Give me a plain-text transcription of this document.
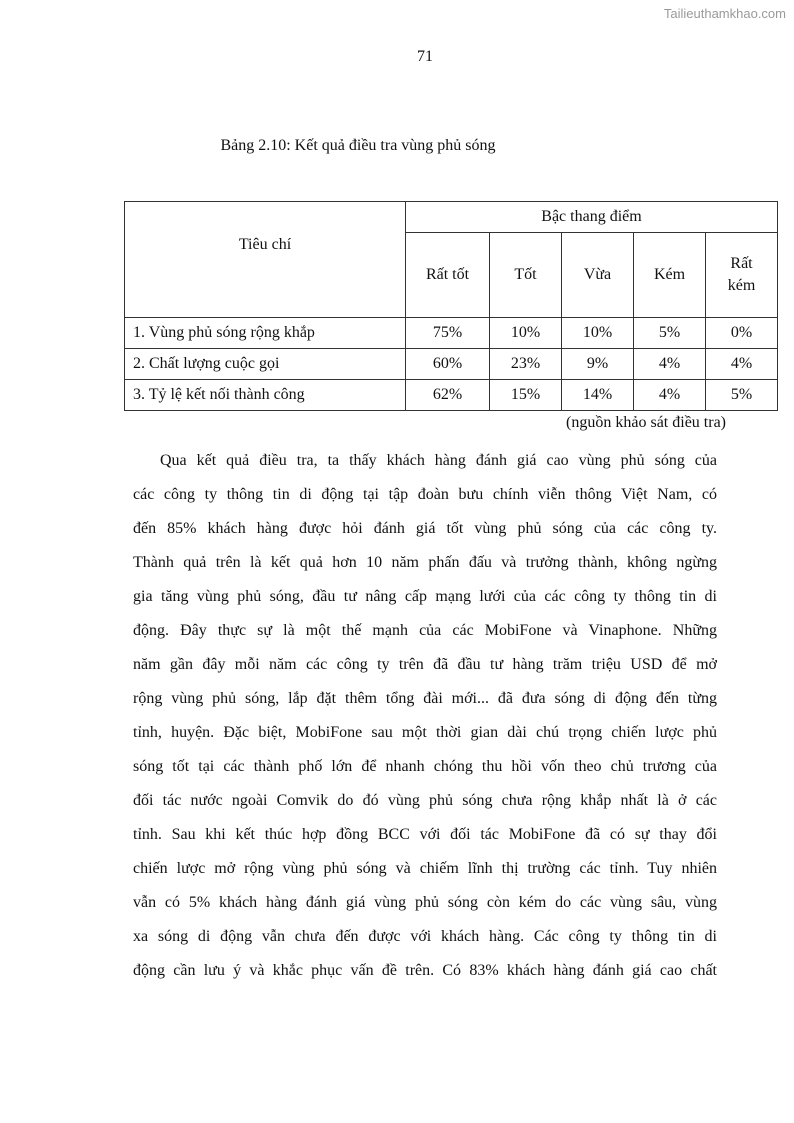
Tailieuthamkhao.com
71
Bảng 2.10: Kết quả điều tra vùng phủ sóng
Tiêu chí	Bậc thang điểm				
	Rất tốt	Tốt	Vừa	Kém	Rất kém
1. Vùng phủ sóng rộng khắp	75%	10%	10%	5%	0%
2. Chất lượng cuộc gọi	60%	23%	9%	4%	4%
3. Tỷ lệ kết nối thành công	62%	15%	14%	4%	5%
(nguồn khảo sát điều tra)
Qua kết quả điều tra, ta thấy khách hàng đánh giá cao vùng phủ sóng của
các công ty thông tin di động tại tập đoàn bưu chính viễn thông Việt Nam, có
đến 85% khách hàng được hỏi đánh giá tốt vùng phủ sóng của các công ty.
Thành quả trên là kết quả hơn 10 năm phấn đấu và trưởng thành, không ngừng
gia tăng vùng phủ sóng, đầu tư nâng cấp mạng lưới của các công ty thông tin di
động. Đây thực sự là một thế mạnh của các MobiFone và Vinaphone. Những
năm gần đây mỗi năm các công ty trên đã đầu tư hàng trăm triệu USD để mở
rộng vùng phủ sóng, lắp đặt thêm tổng đài mới... đã đưa sóng di động đến từng
tỉnh, huyện. Đặc biệt, MobiFone sau một thời gian dài chú trọng chiến lược phủ
sóng tốt tại các thành phố lớn để nhanh chóng thu hồi vốn theo chủ trương của
đối tác nước ngoài Comvik do đó vùng phủ sóng chưa rộng khắp nhất là ở các
tỉnh. Sau khi kết thúc hợp đồng BCC với đối tác MobiFone đã có sự thay đổi
chiến lược mở rộng vùng phủ sóng và chiếm lĩnh thị trường các tỉnh. Tuy nhiên
vẫn có 5% khách hàng đánh giá vùng phủ sóng còn kém do các vùng sâu, vùng
xa sóng di động vẫn chưa đến được với khách hàng. Các công ty thông tin di
động cần lưu ý và khắc phục vấn đề trên. Có 83% khách hàng đánh giá cao chất
